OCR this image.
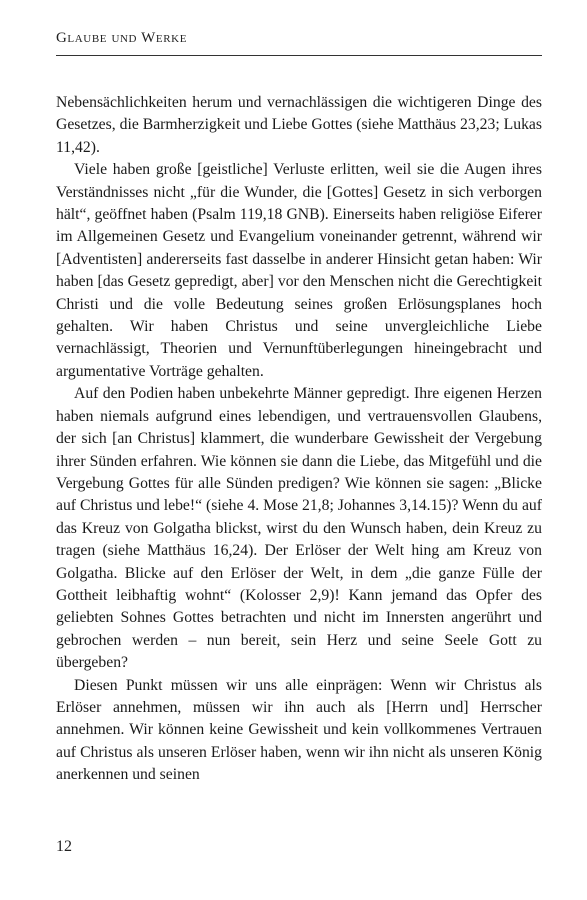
Glaube und Werke

Nebensächlichkeiten herum und vernachlässigen die wichtigeren Dinge des Gesetzes, die Barmherzigkeit und Liebe Gottes (siehe Matthäus 23,23; Lukas 11,42).

Viele haben große [geistliche] Verluste erlitten, weil sie die Augen ihres Verständnisses nicht „für die Wunder, die [Gottes] Gesetz in sich verborgen hält“, geöffnet haben (Psalm 119,18 GNB). Einerseits haben religiöse Eiferer im Allgemeinen Gesetz und Evangelium voneinander getrennt, während wir [Adventisten] andererseits fast dasselbe in anderer Hinsicht getan haben: Wir haben [das Gesetz gepredigt, aber] vor den Menschen nicht die Gerechtigkeit Christi und die volle Bedeutung seines großen Erlösungsplanes hoch gehalten. Wir haben Christus und seine unvergleichliche Liebe vernachlässigt, Theorien und Vernunftüberlegungen hineingebracht und argumentative Vorträge gehalten.

Auf den Podien haben unbekehrte Männer gepredigt. Ihre eigenen Herzen haben niemals aufgrund eines lebendigen, und vertrauensvollen Glaubens, der sich [an Christus] klammert, die wunderbare Gewissheit der Vergebung ihrer Sünden erfahren. Wie können sie dann die Liebe, das Mitgefühl und die Vergebung Gottes für alle Sünden predigen? Wie können sie sagen: „Blicke auf Christus und lebe!“ (siehe 4. Mose 21,8; Johannes 3,14.15)? Wenn du auf das Kreuz von Golgatha blickst, wirst du den Wunsch haben, dein Kreuz zu tragen (siehe Matthäus 16,24). Der Erlöser der Welt hing am Kreuz von Golgatha. Blicke auf den Erlöser der Welt, in dem „die ganze Fülle der Gottheit leibhaftig wohnt“ (Kolosser 2,9)! Kann jemand das Opfer des geliebten Sohnes Gottes betrachten und nicht im Innersten angerührt und gebrochen werden – nun bereit, sein Herz und seine Seele Gott zu übergeben?

Diesen Punkt müssen wir uns alle einprägen: Wenn wir Christus als Erlöser annehmen, müssen wir ihn auch als [Herrn und] Herrscher annehmen. Wir können keine Gewissheit und kein vollkommenes Vertrauen auf Christus als unseren Erlöser haben, wenn wir ihn nicht als unseren König anerkennen und seinen

12
